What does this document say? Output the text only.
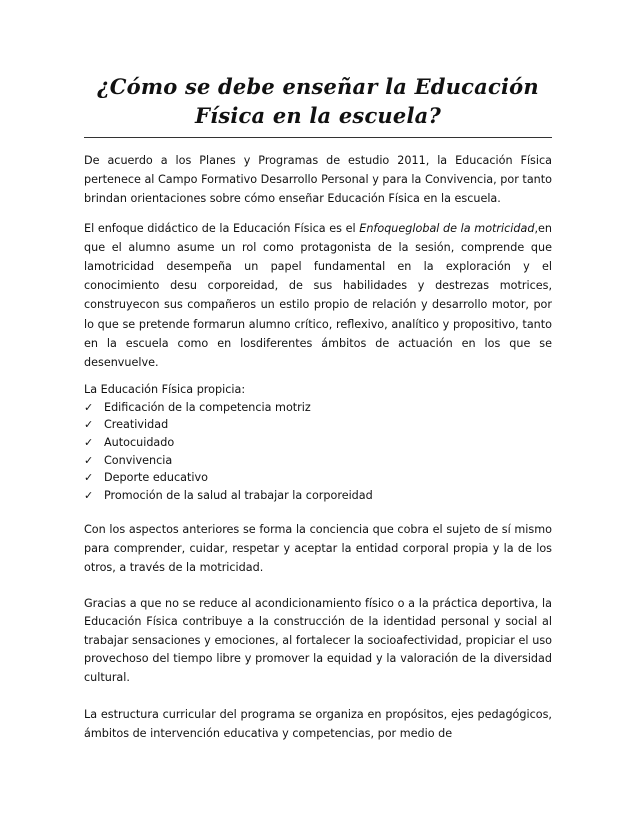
¿Cómo se debe enseñar la Educación Física en la escuela?

De acuerdo a los Planes y Programas de estudio 2011, la Educación Física pertenece al Campo Formativo Desarrollo Personal y para la Convivencia, por tanto brindan orientaciones sobre cómo enseñar Educación Física en la escuela.

El enfoque didáctico de la Educación Física es el Enfoqueglobal de la motricidad,en que el alumno asume un rol como protagonista de la sesión, comprende que lamotricidad desempeña un papel fundamental en la exploración y el conocimiento desu corporeidad, de sus habilidades y destrezas motrices, construyecon sus compañeros un estilo propio de relación y desarrollo motor, por lo que se pretende formarun alumno crítico, reflexivo, analítico y propositivo, tanto en la escuela como en losdiferentes ámbitos de actuación en los que se desenvuelve.

La Educación Física propicia:

✓ Edificación de la competencia motriz
✓ Creatividad
✓ Autocuidado
✓ Convivencia
✓ Deporte educativo
✓ Promoción de la salud al trabajar la corporeidad

Con los aspectos anteriores se forma la conciencia que cobra el sujeto de sí mismo para comprender, cuidar, respetar y aceptar la entidad corporal propia y la de los otros, a través de la motricidad.

Gracias a que no se reduce al acondicionamiento físico o a la práctica deportiva, la Educación Física contribuye a la construcción de la identidad personal y social al trabajar sensaciones y emociones, al fortalecer la socioafectividad, propiciar el uso provechoso del tiempo libre y promover la equidad y la valoración de la diversidad cultural.

La estructura curricular del programa se organiza en propósitos, ejes pedagógicos, ámbitos de intervención educativa y competencias, por medio de
